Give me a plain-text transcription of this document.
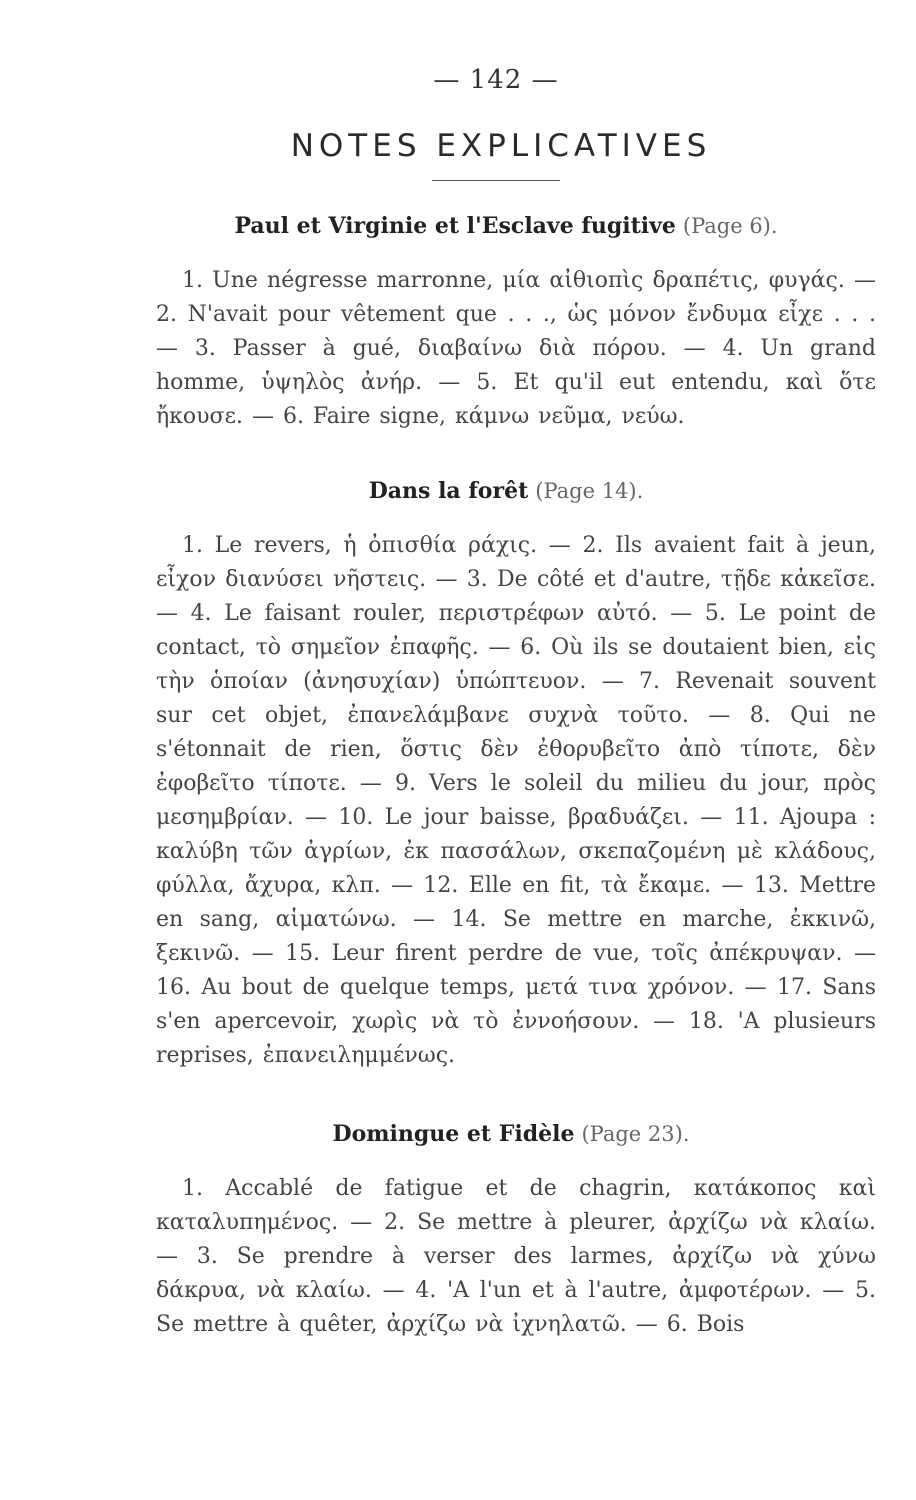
— 142 —
NOTES EXPLICATIVES
Paul et Virginie et l'Esclave fugitive (Page 6).

1. Une négresse marronne, μία αἰθιοπὶς δραπέτις, φυγάς. — 2. N'avait pour vêtement que . . ., ὡς μόνον ἔνδυμα εἶχε . . . — 3. Passer à gué, διαβαίνω διὰ πόρου. — 4. Un grand homme, ὑψηλὸς ἀνήρ. — 5. Et qu'il eut entendu, καὶ ὅτε ἤκουσε. — 6. Faire signe, κάμνω νεῦμα, νεύω.

Dans la forêt (Page 14).

1. Le revers, ἡ ὀπισθία ράχις. — 2. Ils avaient fait à jeun, εἶχον διανύσει νῆστεις. — 3. De côté et d'autre, τῇδε κἀκεῖσε. — 4. Le faisant rouler, περιστρέφων αὐτό. — 5. Le point de contact, τὸ σημεῖον ἐπαφῆς. — 6. Où ils se doutaient bien, εἰς τὴν ὁποίαν (ἀνησυχίαν) ὑπώπτευον. — 7. Revenait souvent sur cet objet, ἐπανελάμβανε συχνὰ τοῦτο. — 8. Qui ne s'étonnait de rien, ὅστις δὲν ἐθορυβεῖτο ἀπὸ τίποτε, δὲν ἐφοβεῖτο τίποτε. — 9. Vers le soleil du milieu du jour, πρὸς μεσημβρίαν. — 10. Le jour baisse, βραδυάζει. — 11. Ajoupa : καλύβη τῶν ἀγρίων, ἐκ πασσάλων, σκεπαζομένη μὲ κλάδους, φύλλα, ἄχυρα, κλπ. — 12. Elle en fit, τὰ ἔκαμε. — 13. Mettre en sang, αἱματώνω. — 14. Se mettre en marche, ἐκκινῶ, ξεκινῶ. — 15. Leur firent perdre de vue, τοῖς ἀπέκρυψαν. — 16. Au bout de quelque temps, μετά τινα χρόνον. — 17. Sans s'en apercevoir, χωρὶς νὰ τὸ ἐννοήσουν. — 18. 'A plusieurs reprises, ἐπανειλημμένως.

Domingue et Fidèle (Page 23).

1. Accablé de fatigue et de chagrin, κατάκοπος καὶ καταλυπημένος. — 2. Se mettre à pleurer, ἀρχίζω νὰ κλαίω. — 3. Se prendre à verser des larmes, ἀρχίζω νὰ χύνω δάκρυα, νὰ κλαίω. — 4. 'A l'un et à l'autre, ἀμφοτέρων. — 5. Se mettre à quêter, ἀρχίζω νὰ ἰχνηλατῶ. — 6. Bois
